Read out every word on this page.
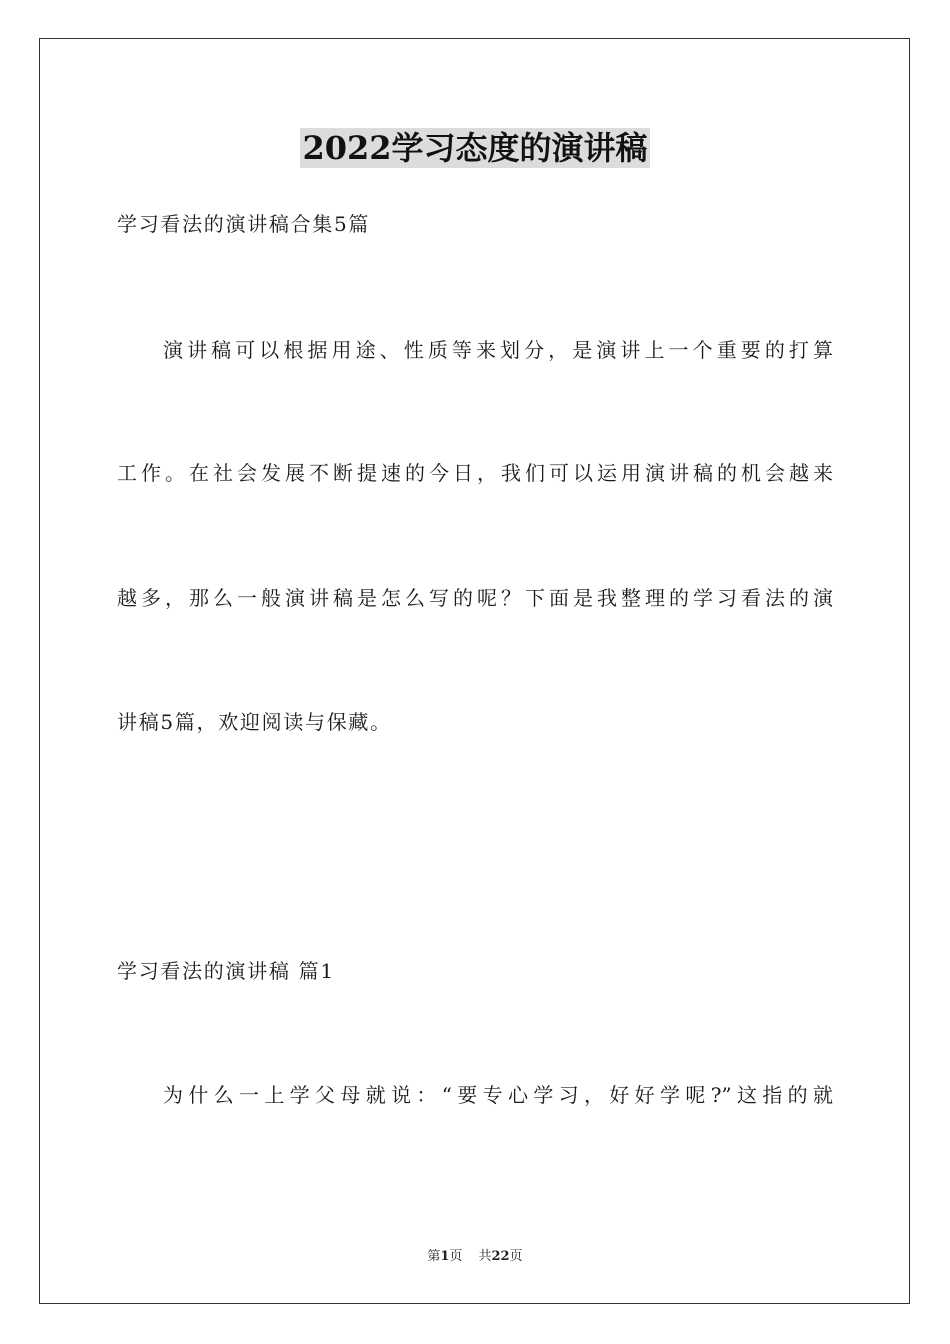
2022学习态度的演讲稿
学习看法的演讲稿合集5篇
演讲稿可以根据用途、性质等来划分，是演讲上一个重要的打算
工作。在社会发展不断提速的今日，我们可以运用演讲稿的机会越来
越多，那么一般演讲稿是怎么写的呢？下面是我整理的学习看法的演
讲稿5篇，欢迎阅读与保藏。
学习看法的演讲稿 篇1
为什么一上学父母就说：“要专心学习，好好学呢?”这指的就
第1页 共22页
